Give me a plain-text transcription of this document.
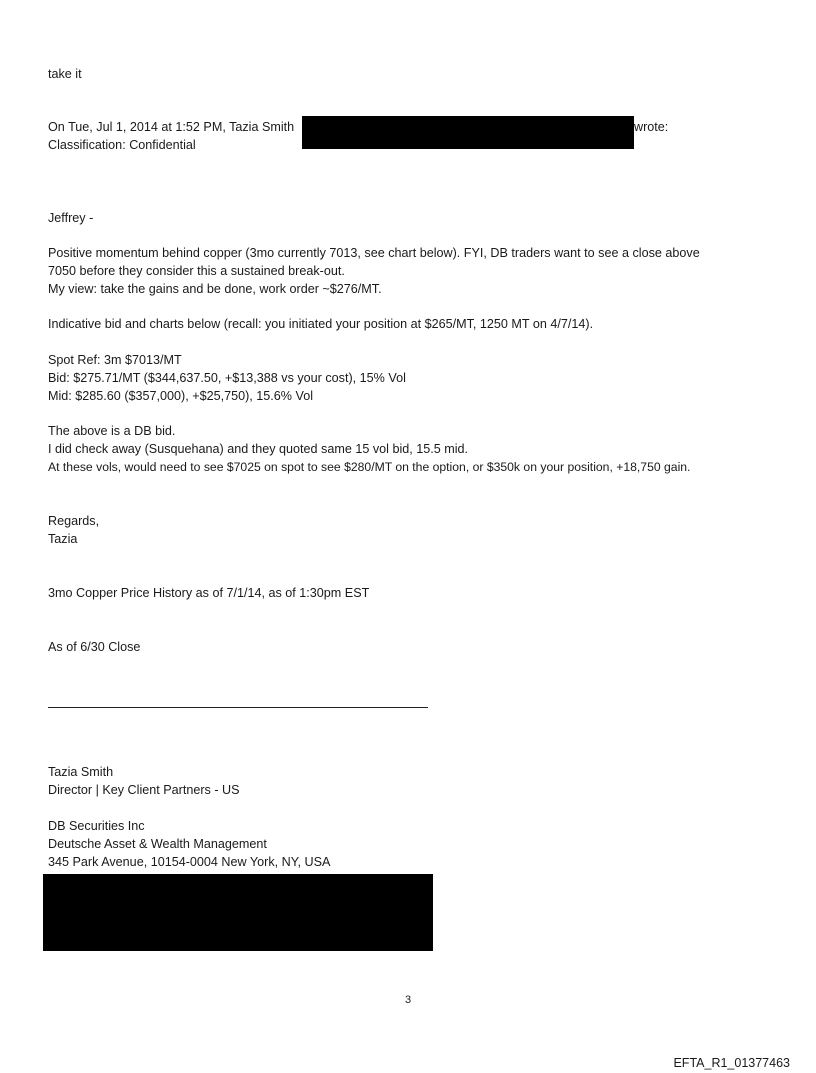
take it
On Tue, Jul 1, 2014 at 1:52 PM, Tazia Smith	wrote:
Classification: Confidential
Jeffrey -
Positive momentum behind copper (3mo currently 7013, see chart below). FYI, DB traders want to see a close above
7050 before they consider this a sustained break-out.
My view: take the gains and be done, work order ~$276/MT.
Indicative bid and charts below (recall: you initiated your position at $265/MT, 1250 MT on 4/7/14).
Spot Ref: 3m $7013/MT
Bid: $275.71/MT ($344,637.50, +$13,388 vs your cost), 15% Vol
Mid: $285.60 ($357,000), +$25,750), 15.6% Vol
The above is a DB bid.
I did check away (Susquehana) and they quoted same 15 vol bid, 15.5 mid.
At these vols, would need to see $7025 on spot to see $280/MT on the option, or $350k on your position, +18,750 gain.
Regards,
Tazia
3mo Copper Price History as of 7/1/14, as of 1:30pm EST
As of 6/30 Close
Tazia Smith
Director | Key Client Partners - US
DB Securities Inc
Deutsche Asset & Wealth Management
345 Park Avenue, 10154-0004 New York, NY, USA
3
EFTA_R1_01377463
